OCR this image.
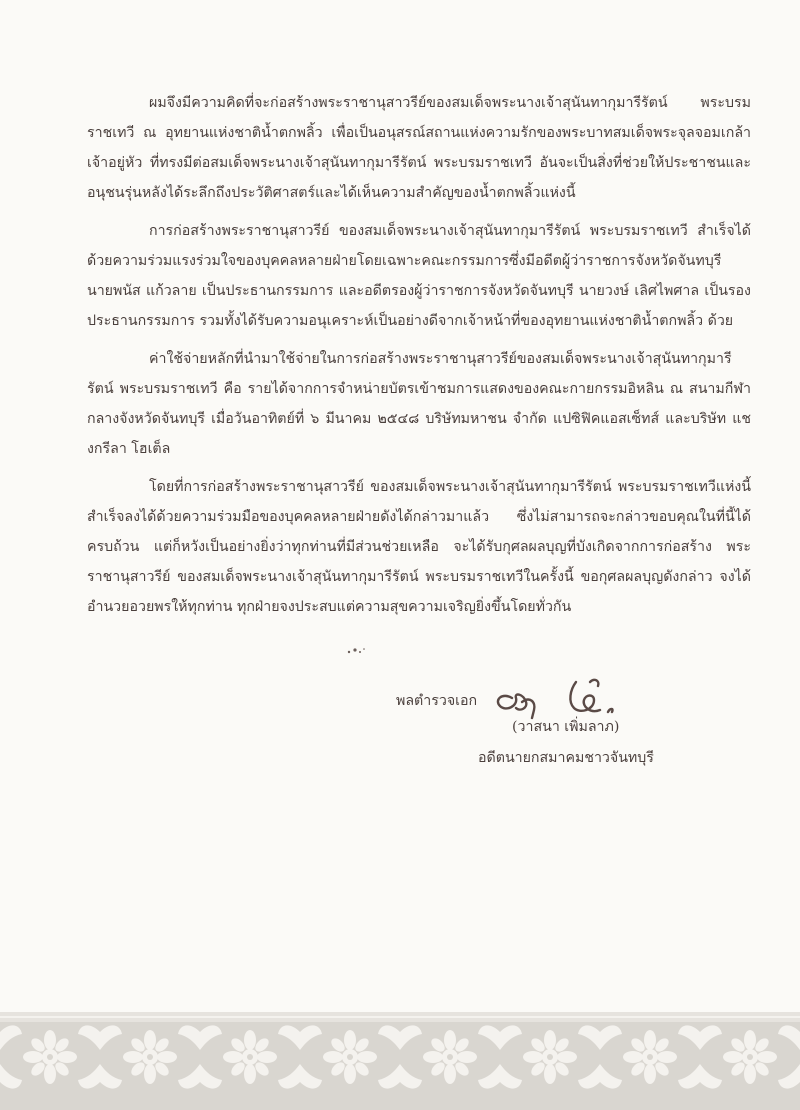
ผมจึงมีความคิดที่จะก่อสร้างพระราชานุสาวรีย์ของสมเด็จพระนางเจ้าสุนันทากุมารีรัตน์ พระบรมราชเทวี ณ อุทยานแห่งชาติน้ำตกพลิ้ว เพื่อเป็นอนุสรณ์สถานแห่งความรักของพระบาทสมเด็จพระจุลจอมเกล้าเจ้าอยู่หัว ที่ทรงมีต่อสมเด็จพระนางเจ้าสุนันทากุมารีรัตน์ พระบรมราชเทวี อันจะเป็นสิ่งที่ช่วยให้ประชาชนและอนุชนรุ่นหลังได้ระลึกถึงประวัติศาสตร์และได้เห็นความสำคัญของน้ำตกพลิ้วแห่งนี้

การก่อสร้างพระราชานุสาวรีย์ ของสมเด็จพระนางเจ้าสุนันทากุมารีรัตน์ พระบรมราชเทวี สำเร็จได้ด้วยความร่วมแรงร่วมใจของบุคคลหลายฝ่ายโดยเฉพาะคณะกรรมการซึ่งมีอดีตผู้ว่าราชการจังหวัดจันทบุรี นายพนัส แก้วลาย เป็นประธานกรรมการ และอดีตรองผู้ว่าราชการจังหวัดจันทบุรี นายวงษ์ เลิศไพศาล เป็นรองประธานกรรมการ รวมทั้งได้รับความอนุเคราะห์เป็นอย่างดีจากเจ้าหน้าที่ของอุทยานแห่งชาติน้ำตกพลิ้ว ด้วย

ค่าใช้จ่ายหลักที่นำมาใช้จ่ายในการก่อสร้างพระราชานุสาวรีย์ของสมเด็จพระนางเจ้าสุนันทากุมารีรัตน์ พระบรมราชเทวี คือ รายได้จากการจำหน่ายบัตรเข้าชมการแสดงของคณะกายกรรมอิหลิน ณ สนามกีฬากลางจังหวัดจันทบุรี เมื่อวันอาทิตย์ที่ ๖ มีนาคม ๒๕๔๘ บริษัทมหาชน จำกัด แปซิฟิคแอสเซ็ทส์ และบริษัท แชงกรีลา โฮเต็ล

โดยที่การก่อสร้างพระราชานุสาวรีย์ ของสมเด็จพระนางเจ้าสุนันทากุมารีรัตน์ พระบรมราชเทวีแห่งนี้สำเร็จลงได้ด้วยความร่วมมือของบุคคลหลายฝ่ายดังได้กล่าวมาแล้ว ซึ่งไม่สามารถจะกล่าวขอบคุณในที่นี้ได้ครบถ้วน แต่ก็หวังเป็นอย่างยิ่งว่าทุกท่านที่มีส่วนช่วยเหลือ จะได้รับกุศลผลบุญที่บังเกิดจากการก่อสร้าง พระราชานุสาวรีย์ ของสมเด็จพระนางเจ้าสุนันทากุมารีรัตน์ พระบรมราชเทวีในครั้งนี้ ขอกุศลผลบุญดังกล่าว จงได้อำนวยอวยพรให้ทุกท่าน ทุกฝ่ายจงประสบแต่ความสุขความเจริญยิ่งขึ้นโดยทั่วกัน

พลตำรวจเอก
(วาสนา เพิ่มลาภ)
อดีตนายกสมาคมชาวจันทบุรี
